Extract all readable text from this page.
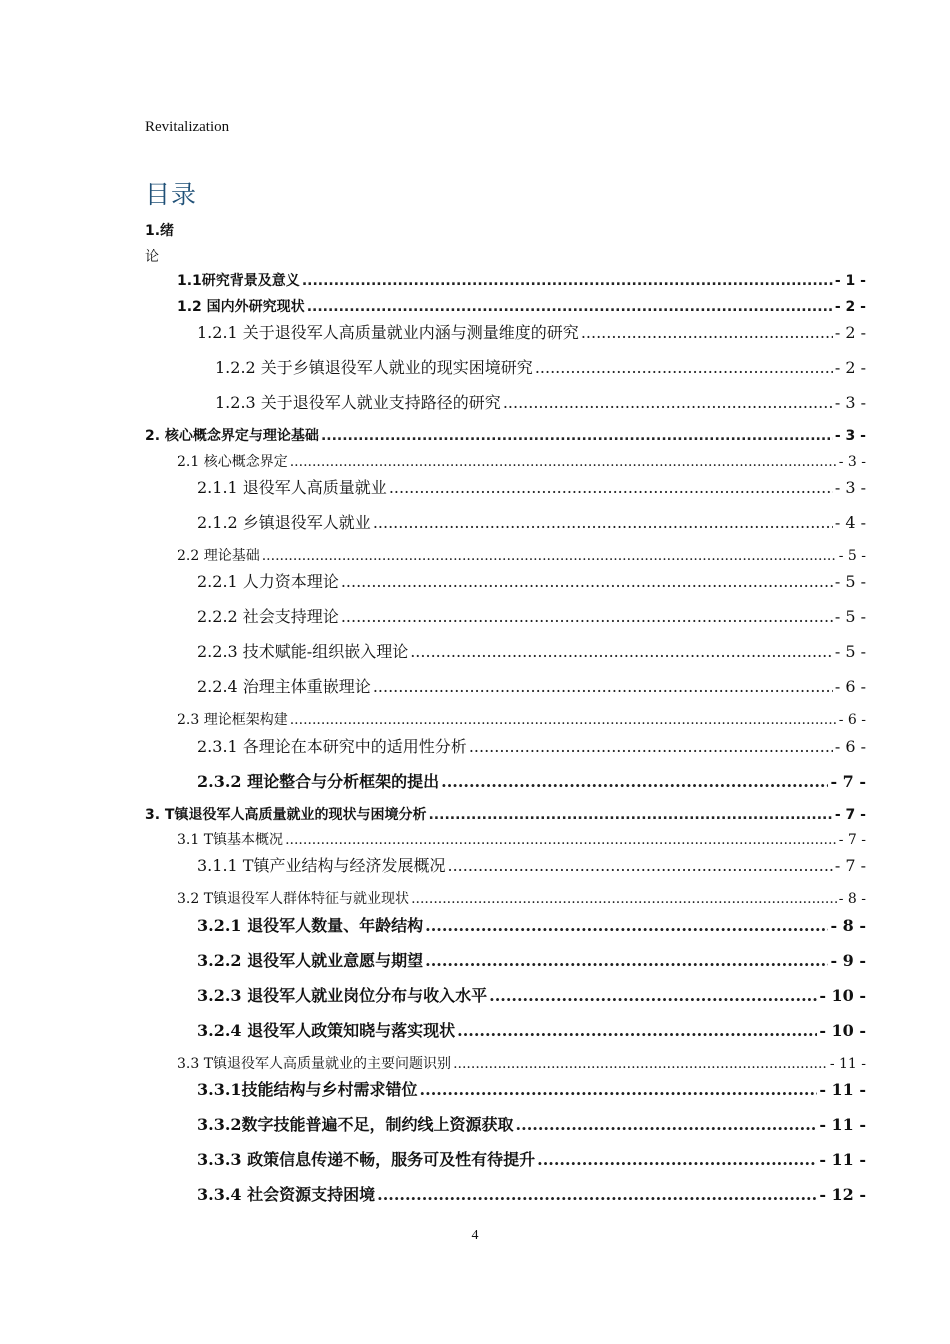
Revitalization
目录
1.绪
论
1.1研究背景及意义 .....	- 1 -
1.2 国内外研究现状 .....	- 2 -
1.2.1 关于退役军人高质量就业内涵与测量维度的研究 .....	- 2 -
1.2.2 关于乡镇退役军人就业的现实困境研究 .....	- 2 -
1.2.3 关于退役军人就业支持路径的研究 .....	- 3 -
2. 核心概念界定与理论基础 .....	- 3 -
2.1 核心概念界定 .....	- 3 -
2.1.1 退役军人高质量就业 .....	- 3 -
2.1.2 乡镇退役军人就业 .....	- 4 -
2.2 理论基础 .....	- 5 -
2.2.1 人力资本理论 .....	- 5 -
2.2.2 社会支持理论 .....	- 5 -
2.2.3 技术赋能-组织嵌入理论 .....	- 5 -
2.2.4 治理主体重嵌理论 .....	- 6 -
2.3 理论框架构建 .....	- 6 -
2.3.1 各理论在本研究中的适用性分析 .....	- 6 -
2.3.2 理论整合与分析框架的提出 .....	- 7 -
3. T镇退役军人高质量就业的现状与困境分析 .....	- 7 -
3.1 T镇基本概况 .....	- 7 -
3.1.1 T镇产业结构与经济发展概况 .....	- 7 -
3.2 T镇退役军人群体特征与就业现状 .....	- 8 -
3.2.1 退役军人数量、年龄结构 .....	- 8 -
3.2.2 退役军人就业意愿与期望 .....	- 9 -
3.2.3 退役军人就业岗位分布与收入水平 .....	- 10 -
3.2.4 退役军人政策知晓与落实现状 .....	- 10 -
3.3 T镇退役军人高质量就业的主要问题识别 .....	- 11 -
3.3.1技能结构与乡村需求错位 .....	- 11 -
3.3.2数字技能普遍不足，制约线上资源获取 .....	- 11 -
3.3.3 政策信息传递不畅，服务可及性有待提升 .....	- 11 -
3.3.4 社会资源支持困境 .....	- 12 -
4
